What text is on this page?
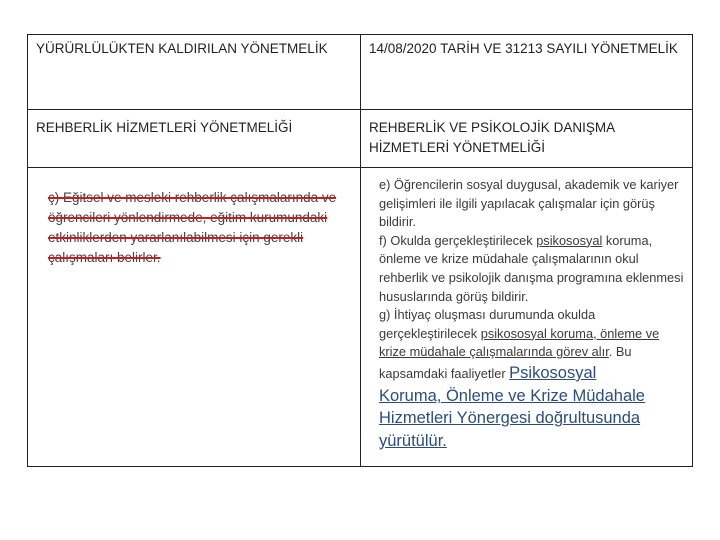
YÜRÜRLÜLÜKTEN KALDIRILAN YÖNETMELİK	14/08/2020 TARİH VE 31213 SAYILI YÖNETMELİK

REHBERLİK HİZMETLERİ YÖNETMELİĞİ	REHBERLİK VE PSİKOLOJİK DANIŞMA HİZMETLERİ YÖNETMELİĞİ

ç) Eğitsel ve mesleki rehberlik çalışmalarında ve öğrencileri yönlendirmede, eğitim kurumundaki etkinliklerden yararlanılabilmesi için gerekli çalışmaları belirler.	e) Öğrencilerin sosyal duygusal, akademik ve kariyer gelişimleri ile ilgili yapılacak çalışmalar için görüş bildirir.
f) Okulda gerçekleştirilecek psikososyal koruma, önleme ve krize müdahale çalışmalarının okul rehberlik ve psikolojik danışma programına eklenmesi hususlarında görüş bildirir.
g) İhtiyaç oluşması durumunda okulda gerçekleştirilecek psikososyal koruma, önleme ve krize müdahale çalışmalarında görev alır. Bu kapsamdaki faaliyetler Psikososyal
Koruma, Önleme ve Krize Müdahale Hizmetleri Yönergesi doğrultusunda yürütülür.
